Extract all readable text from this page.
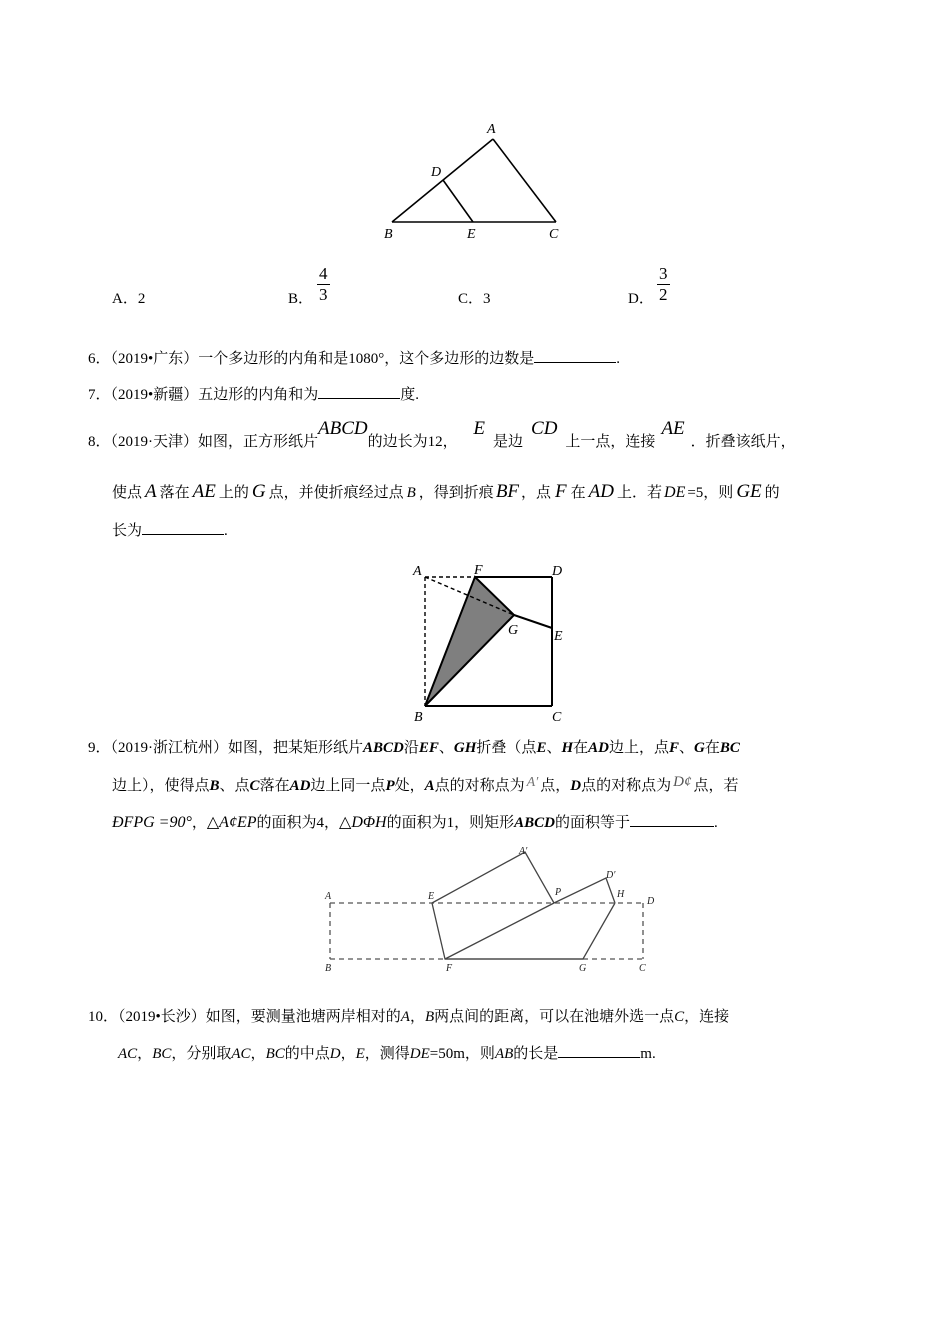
A
D
B	E	C
A．2	B． $\frac{4}{3}$	C．3	D． $\frac{3}{2}$
6．（2019•广东）一个多边形的内角和是1080°，这个多边形的边数是	.
7．（2019•新疆）五边形的内角和为	度.
8．（2019·天津）如图，正方形纸片ABCD的边长为12， E是边CD上一点，连接AE．折叠该纸片，
使点 A 落在 AE 上的 G 点，并使折痕经过点 B ，得到折痕 BF ，点 F 在 AD 上．若 DE =5，则 GE 的
长为	.
A	F	D
G	E
B	C
9．（2019·浙江杭州）如图，把某矩形纸片ABCD沿EF、GH折叠（点E、H在AD边上，点F、G在BC
边上），使得点B、点C落在AD边上同一点P处，A点的对称点为 A′ 点，D点的对称点为 D¢ 点，若
ÐFPG =90°，△A¢EP的面积为4，△DΦH的面积为1，则矩形ABCD的面积等于	.
A	E
A′
P
D′
H
D
B	F	G	C
10．（2019•长沙）如图，要测量池塘两岸相对的A，B两点间的距离，可以在池塘外选一点C，连接
AC，BC，分别取AC，BC的中点D，E，测得DE=50m，则AB的长是	m.
